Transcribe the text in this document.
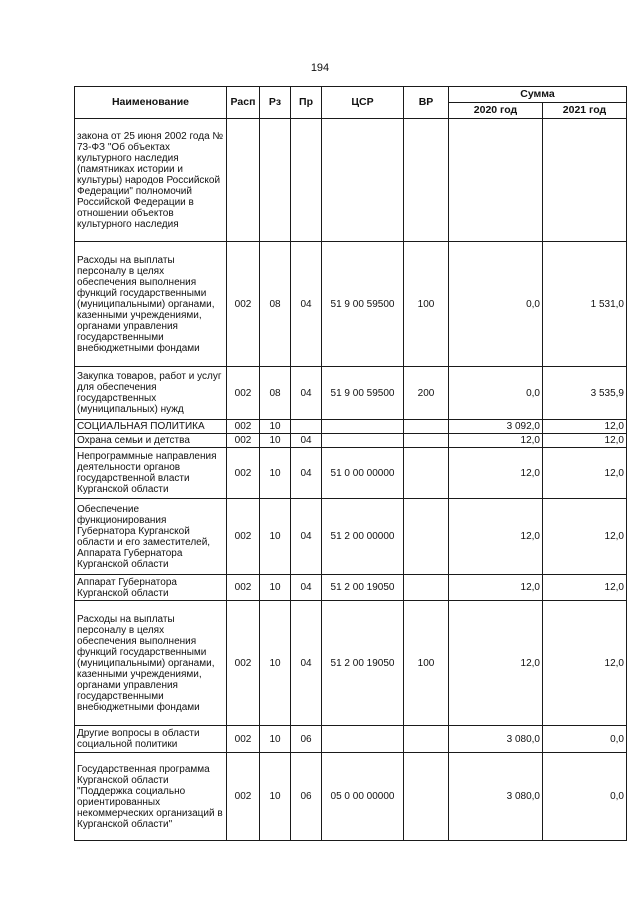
194
Наименование	Расп	Рз	Пр	ЦСР	ВР	Сумма	
						2020 год	2021 год
закона от 25 июня 2002 года № 73-ФЗ "Об объектах культурного наследия (памятниках истории и культуры) народов Российской Федерации" полномочий Российской Федерации в отношении объектов культурного наследия							
Расходы на выплаты персоналу в целях обеспечения выполнения функций государственными (муниципальными) органами, казенными учреждениями, органами управления государственными внебюджетными фондами	002	08	04	51 9 00 59500	100	0,0	1 531,0
Закупка товаров, работ и услуг для обеспечения государственных (муниципальных) нужд	002	08	04	51 9 00 59500	200	0,0	3 535,9
СОЦИАЛЬНАЯ ПОЛИТИКА	002	10				3 092,0	12,0
Охрана семьи и детства	002	10	04			12,0	12,0
Непрограммные направления деятельности органов государственной власти Курганской области	002	10	04	51 0 00 00000		12,0	12,0
Обеспечение функционирования Губернатора Курганской области и его заместителей, Аппарата Губернатора Курганской области	002	10	04	51 2 00 00000		12,0	12,0
Аппарат Губернатора Курганской области	002	10	04	51 2 00 19050		12,0	12,0
Расходы на выплаты персоналу в целях обеспечения выполнения функций государственными (муниципальными) органами, казенными учреждениями, органами управления государственными внебюджетными фондами	002	10	04	51 2 00 19050	100	12,0	12,0
Другие вопросы в области социальной политики	002	10	06			3 080,0	0,0
Государственная программа Курганской области "Поддержка социально ориентированных некоммерческих организаций в Курганской области"	002	10	06	05 0 00 00000		3 080,0	0,0
